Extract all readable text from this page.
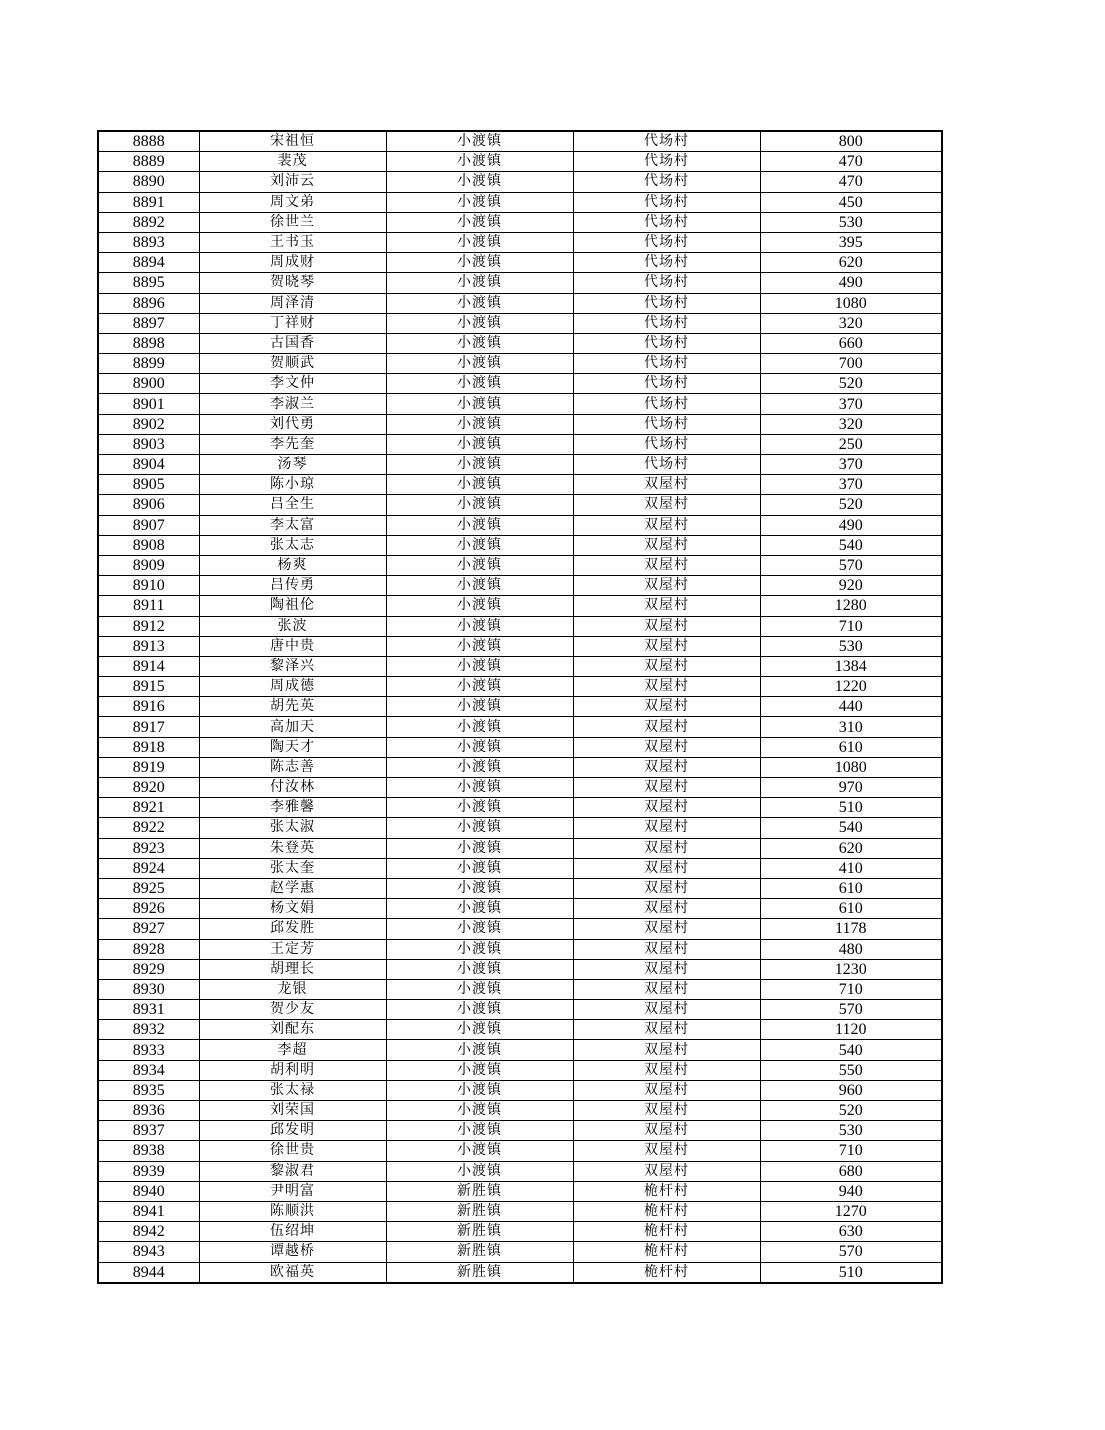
8888	宋祖恒	小渡镇	代场村	800
8889	裴茂	小渡镇	代场村	470
8890	刘沛云	小渡镇	代场村	470
8891	周文弟	小渡镇	代场村	450
8892	徐世兰	小渡镇	代场村	530
8893	王书玉	小渡镇	代场村	395
8894	周成财	小渡镇	代场村	620
8895	贺晓琴	小渡镇	代场村	490
8896	周泽清	小渡镇	代场村	1080
8897	丁祥财	小渡镇	代场村	320
8898	古国香	小渡镇	代场村	660
8899	贺顺武	小渡镇	代场村	700
8900	李文仲	小渡镇	代场村	520
8901	李淑兰	小渡镇	代场村	370
8902	刘代勇	小渡镇	代场村	320
8903	李先奎	小渡镇	代场村	250
8904	汤琴	小渡镇	代场村	370
8905	陈小琼	小渡镇	双屋村	370
8906	吕全生	小渡镇	双屋村	520
8907	李太富	小渡镇	双屋村	490
8908	张太志	小渡镇	双屋村	540
8909	杨爽	小渡镇	双屋村	570
8910	吕传勇	小渡镇	双屋村	920
8911	陶祖伦	小渡镇	双屋村	1280
8912	张波	小渡镇	双屋村	710
8913	唐中贵	小渡镇	双屋村	530
8914	黎泽兴	小渡镇	双屋村	1384
8915	周成德	小渡镇	双屋村	1220
8916	胡先英	小渡镇	双屋村	440
8917	高加天	小渡镇	双屋村	310
8918	陶天才	小渡镇	双屋村	610
8919	陈志善	小渡镇	双屋村	1080
8920	付汝林	小渡镇	双屋村	970
8921	李雅馨	小渡镇	双屋村	510
8922	张太淑	小渡镇	双屋村	540
8923	朱登英	小渡镇	双屋村	620
8924	张太奎	小渡镇	双屋村	410
8925	赵学惠	小渡镇	双屋村	610
8926	杨文娟	小渡镇	双屋村	610
8927	邱发胜	小渡镇	双屋村	1178
8928	王定芳	小渡镇	双屋村	480
8929	胡理长	小渡镇	双屋村	1230
8930	龙银	小渡镇	双屋村	710
8931	贺少友	小渡镇	双屋村	570
8932	刘配东	小渡镇	双屋村	1120
8933	李超	小渡镇	双屋村	540
8934	胡利明	小渡镇	双屋村	550
8935	张太禄	小渡镇	双屋村	960
8936	刘荣国	小渡镇	双屋村	520
8937	邱发明	小渡镇	双屋村	530
8938	徐世贵	小渡镇	双屋村	710
8939	黎淑君	小渡镇	双屋村	680
8940	尹明富	新胜镇	桅杆村	940
8941	陈顺洪	新胜镇	桅杆村	1270
8942	伍绍坤	新胜镇	桅杆村	630
8943	谭越桥	新胜镇	桅杆村	570
8944	欧福英	新胜镇	桅杆村	510
